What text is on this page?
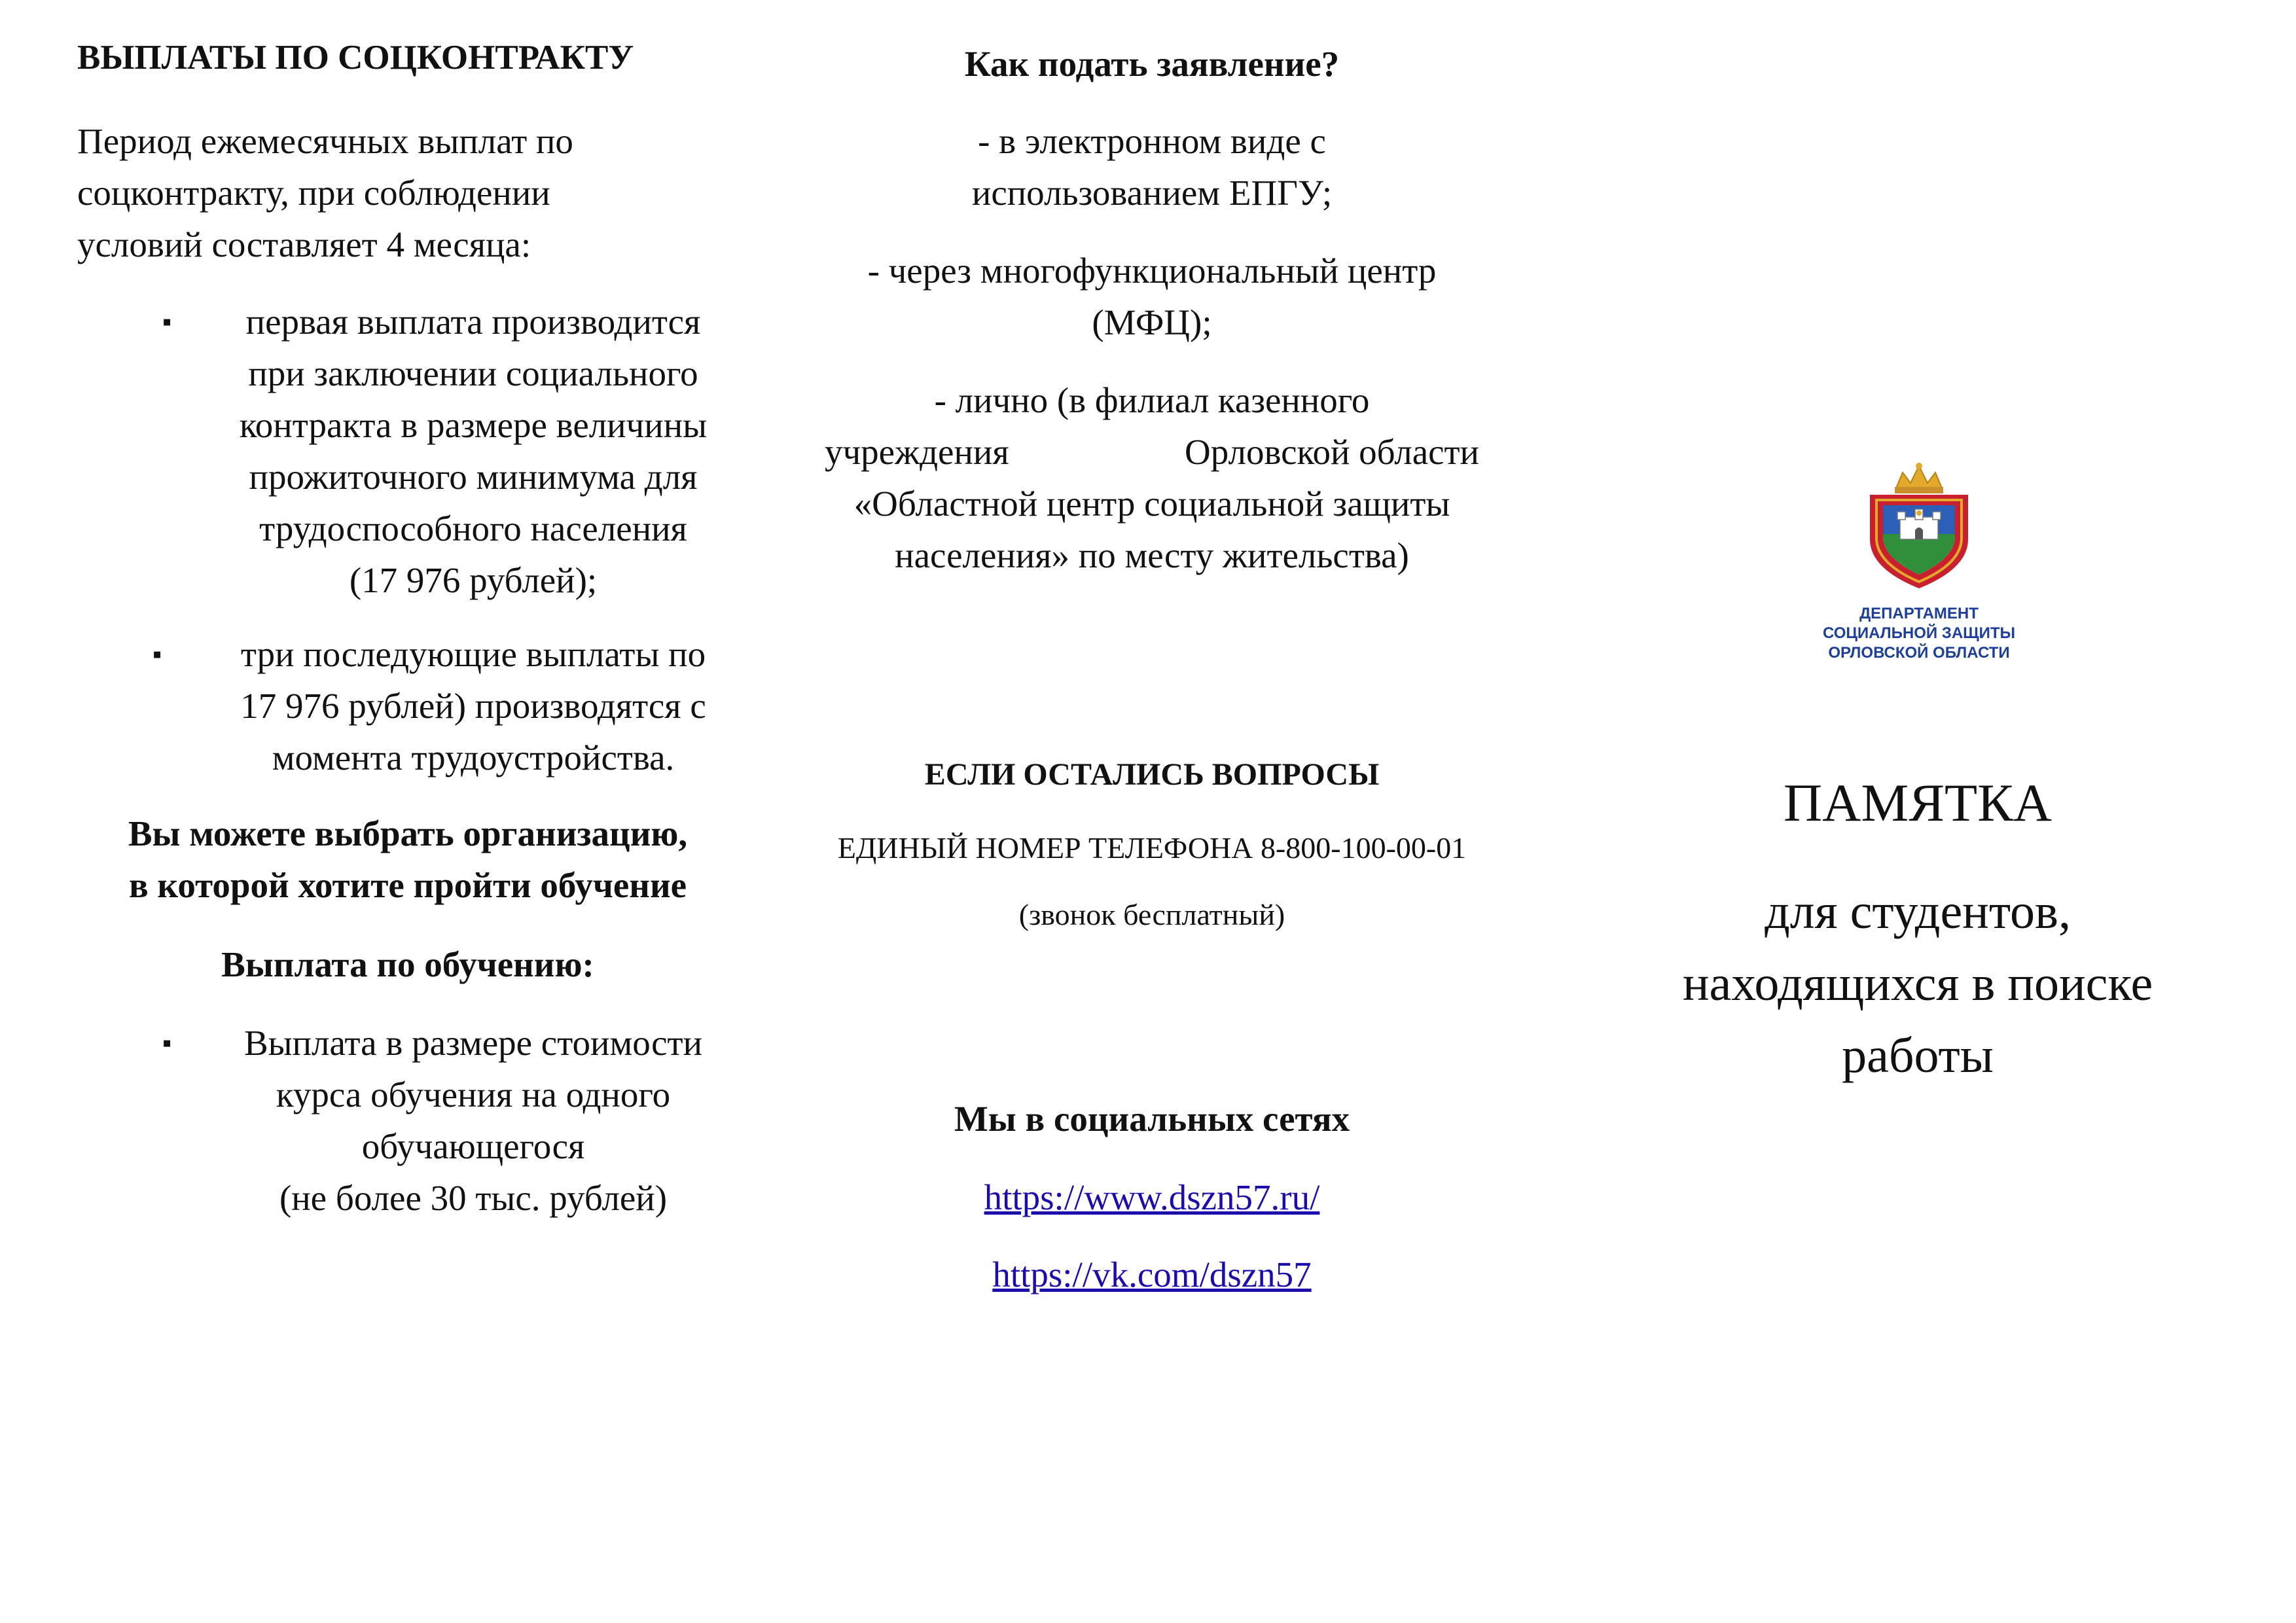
ВЫПЛАТЫ ПО СОЦКОНТРАКТУ

Период ежемесячных выплат по

соцконтракту, при соблюдении

условий составляет 4 месяца:

▪	первая выплата производится

при заключении социального

контракта в размере величины

прожиточного минимума для

трудоспособного населения

(17 976 рублей);

▪	три последующие выплаты по

17 976 рублей) производятся с

момента трудоустройства.

Вы можете выбрать организацию,

в которой хотите пройти обучение

Выплата по обучению:

▪	Выплата в размере стоимости

курса обучения на одного

обучающегося

(не более 30 тыс. рублей)

Как подать заявление?

- в электронном виде с

использованием ЕПГУ;

- через многофункциональный центр

(МФЦ);

- лично (в филиал казенного

учреждения	Орловской области

«Областной центр социальной защиты

населения» по месту жительства)

ЕСЛИ ОСТАЛИСЬ ВОПРОСЫ

ЕДИНЫЙ НОМЕР ТЕЛЕФОНА 8-800-100-00-01

(звонок бесплатный)

Мы в социальных сетях

https://www.dszn57.ru/

https://vk.com/dszn57

ДЕПАРТАМЕНТ
СОЦИАЛЬНОЙ ЗАЩИТЫ
ОРЛОВСКОЙ ОБЛАСТИ
ПАМЯТКА
для студентов,
находящихся в поиске
работы
